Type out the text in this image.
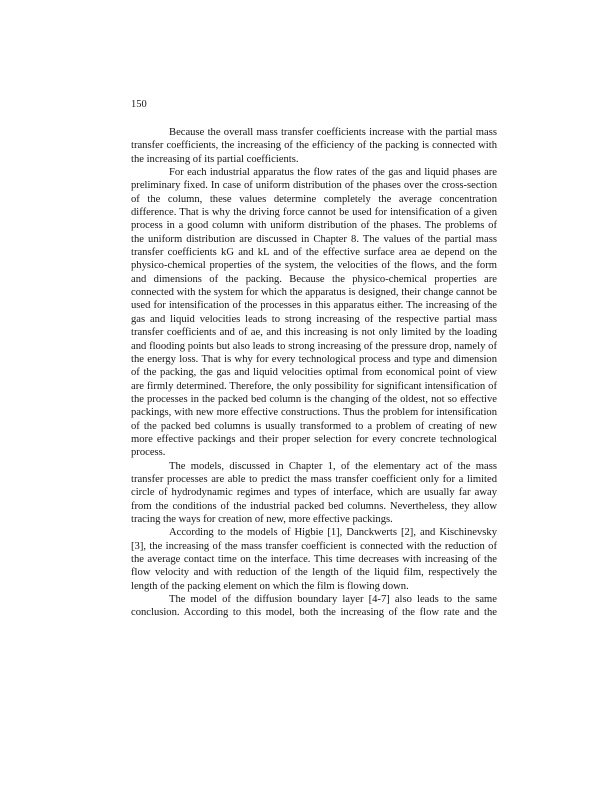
150

Because the overall mass transfer coefficients increase with the partial mass transfer coefficients, the increasing of the efficiency of the packing is connected with the increasing of its partial coefficients.

For each industrial apparatus the flow rates of the gas and liquid phases are preliminary fixed. In case of uniform distribution of the phases over the cross-section of the column, these values determine completely the average concentration difference. That is why the driving force cannot be used for intensification of a given process in a good column with uniform distribution of the phases. The problems of the uniform distribution are discussed in Chapter 8. The values of the partial mass transfer coefficients kG and kL and of the effective surface area ae depend on the physico-chemical properties of the system, the velocities of the flows, and the form and dimensions of the packing. Because the physico-chemical properties are connected with the system for which the apparatus is designed, their change cannot be used for intensification of the processes in this apparatus either. The increasing of the gas and liquid velocities leads to strong increasing of the respective partial mass transfer coefficients and of ae, and this increasing is not only limited by the loading and flooding points but also leads to strong increasing of the pressure drop, namely of the energy loss. That is why for every technological process and type and dimension of the packing, the gas and liquid velocities optimal from economical point of view are firmly determined. Therefore, the only possibility for significant intensification of the processes in the packed bed column is the changing of the oldest, not so effective packings, with new more effective constructions. Thus the problem for intensification of the packed bed columns is usually transformed to a problem of creating of new more effective packings and their proper selection for every concrete technological process.

The models, discussed in Chapter 1, of the elementary act of the mass transfer processes are able to predict the mass transfer coefficient only for a limited circle of hydrodynamic regimes and types of interface, which are usually far away from the conditions of the industrial packed bed columns. Nevertheless, they allow tracing the ways for creation of new, more effective packings.

According to the models of Higbie [1], Danckwerts [2], and Kischinevsky [3], the increasing of the mass transfer coefficient is connected with the reduction of the average contact time on the interface. This time decreases with increasing of the flow velocity and with reduction of the length of the liquid film, respectively the length of the packing element on which the film is flowing down.

The model of the diffusion boundary layer [4-7] also leads to the same conclusion. According to this model, both the increasing of the flow rate and the
